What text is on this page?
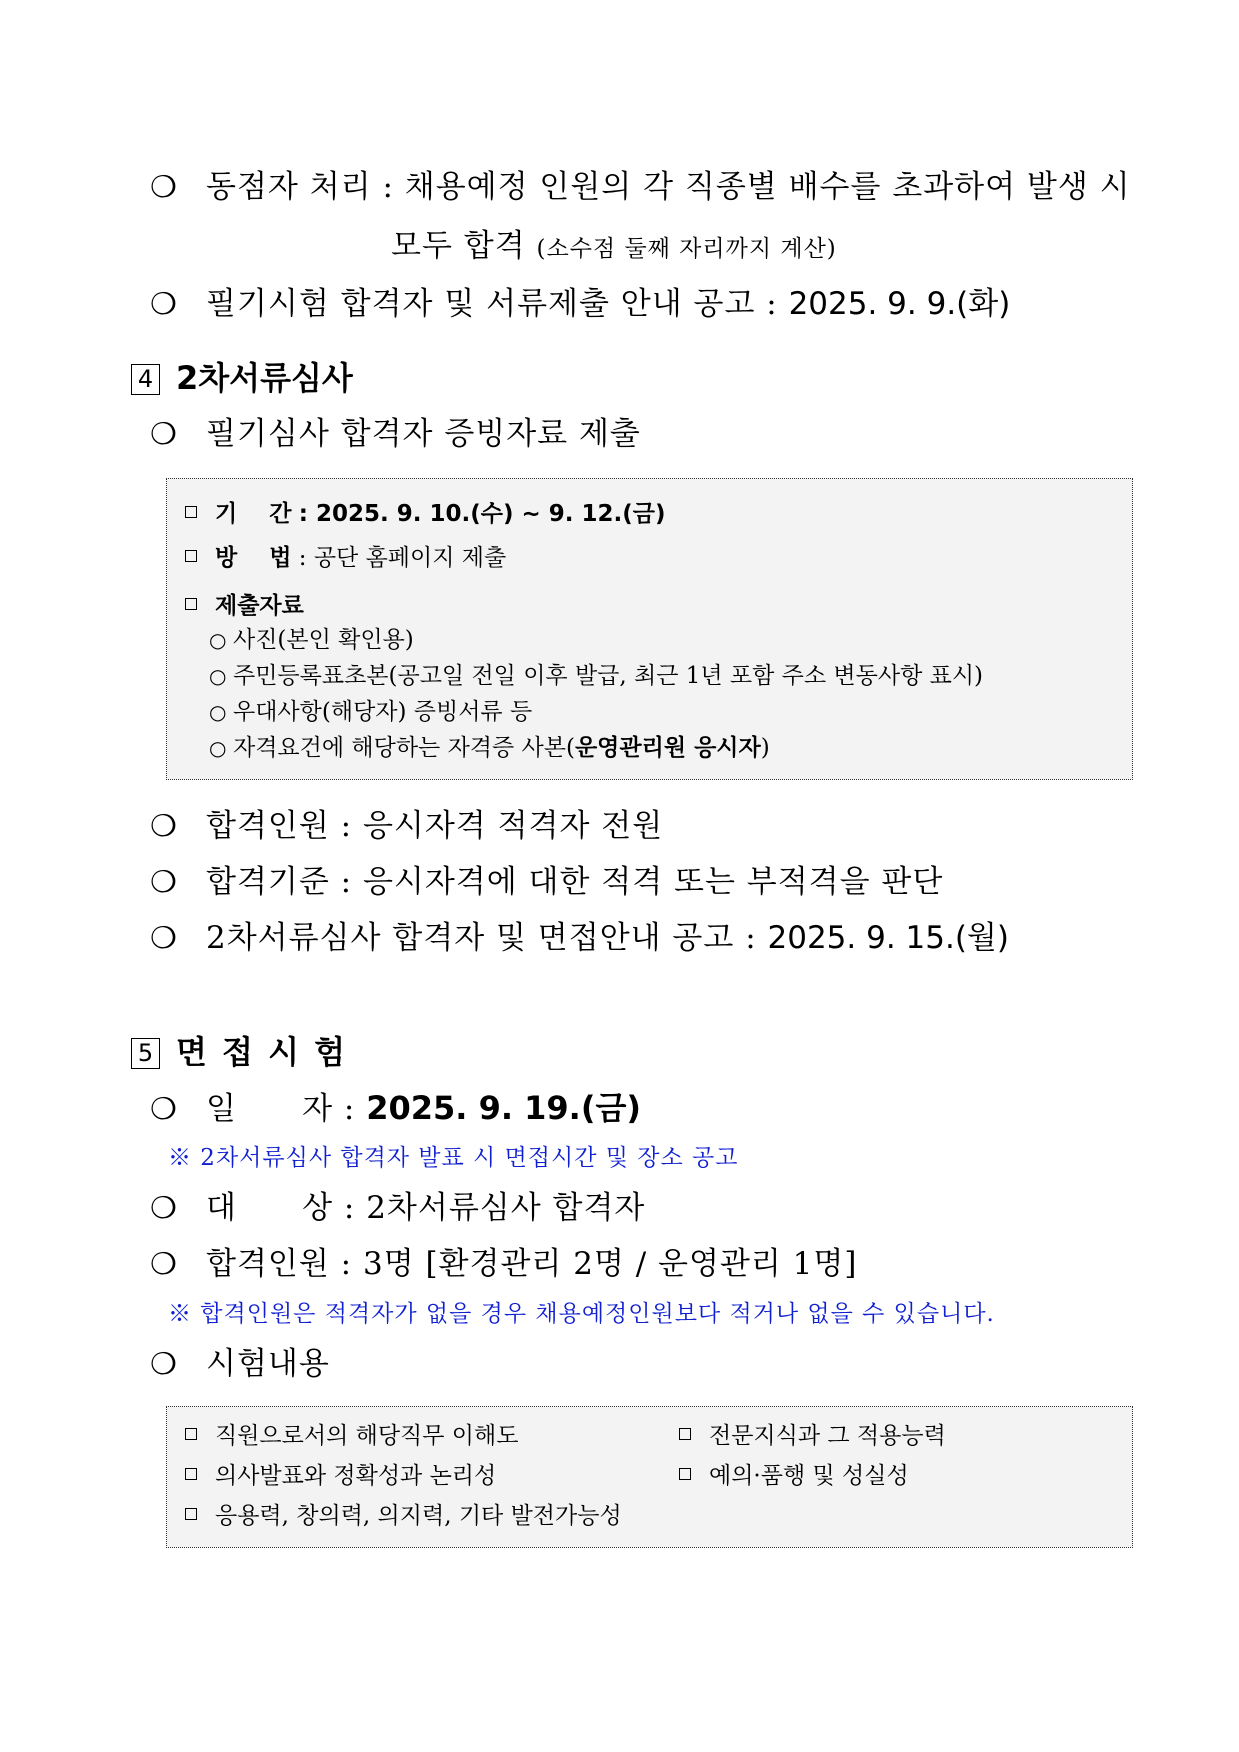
❍ 동점자 처리 : 채용예정 인원의 각 직종별 배수를 초과하여 발생 시
모두 합격 (소수점 둘째 자리까지 계산)
❍ 필기시험 합격자 및 서류제출 안내 공고 : 2025. 9. 9.(화)
4 2차서류심사
❍ 필기심사 합격자 증빙자료 제출
기    간 : 2025. 9. 10.(수) ~ 9. 12.(금)
방    법 : 공단 홈페이지 제출
제출자료
○ 사진(본인 확인용)
○ 주민등록표초본(공고일 전일 이후 발급, 최근 1년 포함 주소 변동사항 표시)
○ 우대사항(해당자) 증빙서류 등
○ 자격요건에 해당하는 자격증 사본(운영관리원 응시자)
❍ 합격인원 : 응시자격 적격자 전원
❍ 합격기준 : 응시자격에 대한 적격 또는 부적격을 판단
❍ 2차서류심사 합격자 및 면접안내 공고 : 2025. 9. 15.(월)
5 면 접 시 험
❍ 일      자 : 2025. 9. 19.(금)
※ 2차서류심사 합격자 발표 시 면접시간 및 장소 공고
❍ 대      상 : 2차서류심사 합격자
❍ 합격인원 : 3명 [환경관리 2명 / 운영관리 1명]
※ 합격인원은 적격자가 없을 경우 채용예정인원보다 적거나 없을 수 있습니다.
❍ 시험내용
직원으로서의 해당직무 이해도	전문지식과 그 적용능력
의사발표와 정확성과 논리성	예의·품행 및 성실성
응용력, 창의력, 의지력, 기타 발전가능성
